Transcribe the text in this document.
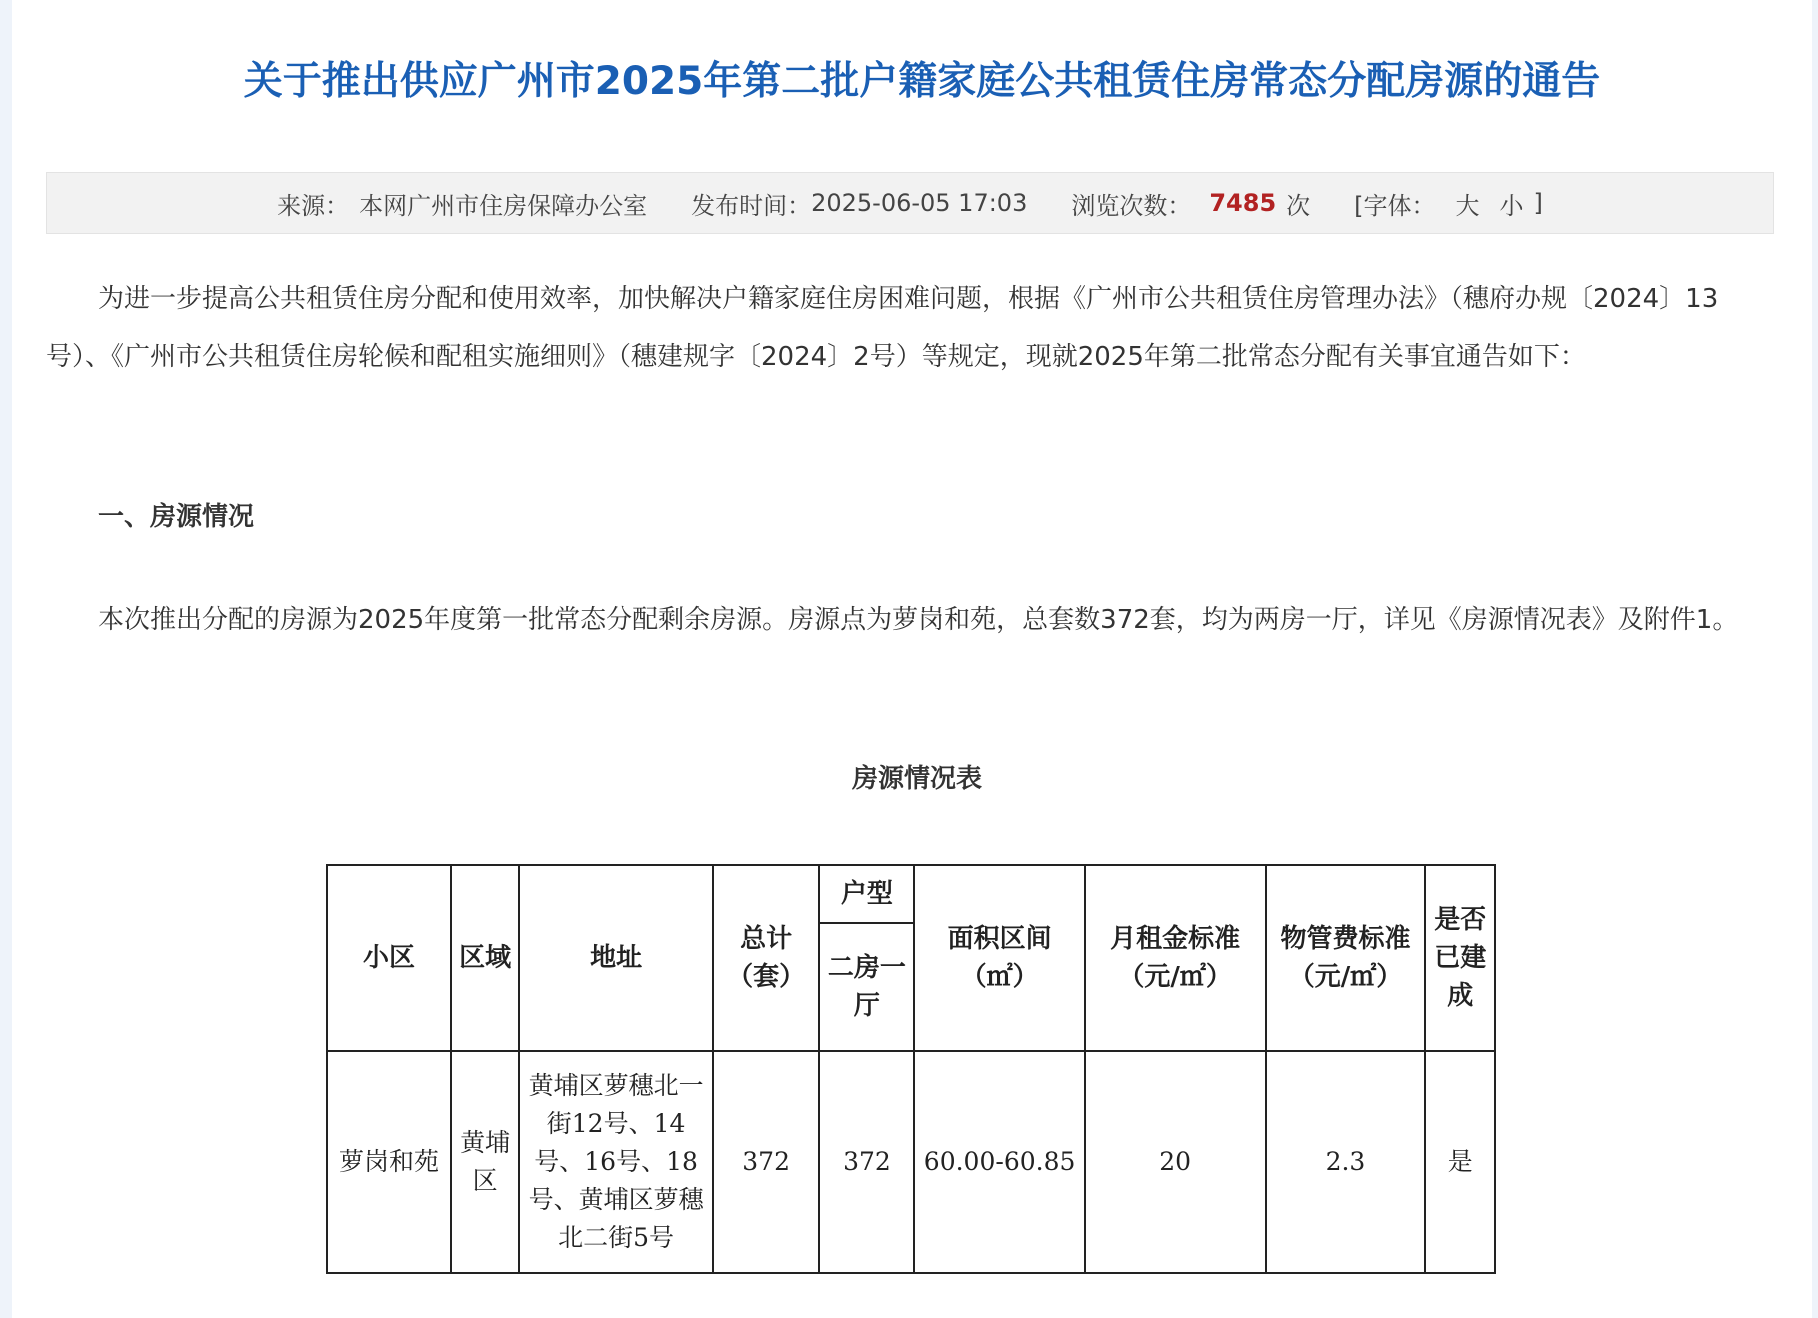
关于推出供应广州市2025年第二批户籍家庭公共租赁住房常态分配房源的通告
来源： 本网广州市住房保障办公室 发布时间： 2025-06-05 17:03 浏览次数： 7485 次 [字体： 大 小 ]

为进一步提高公共租赁住房分配和使用效率，加快解决户籍家庭住房困难问题，根据《广州市公共租赁住房管理办法》（穗府办规〔2024〕13号）、《广州市公共租赁住房轮候和配租实施细则》（穗建规字〔2024〕2号）等规定，现就2025年第二批常态分配有关事宜通告如下：

一、房源情况

本次推出分配的房源为2025年度第一批常态分配剩余房源。房源点为萝岗和苑，总套数372套，均为两房一厅，详见《房源情况表》及附件1。

房源情况表
小区	区域	地址	总计（套）	户型	面积区间（㎡）	月租金标准（元/㎡）	物管费标准（元/㎡）	是否已建成
				二房一厅				
萝岗和苑	黄埔区	黄埔区萝穗北一街12号、14号、16号、18号、黄埔区萝穗北二街5号	372	372	60.00-60.85	20	2.3	是
